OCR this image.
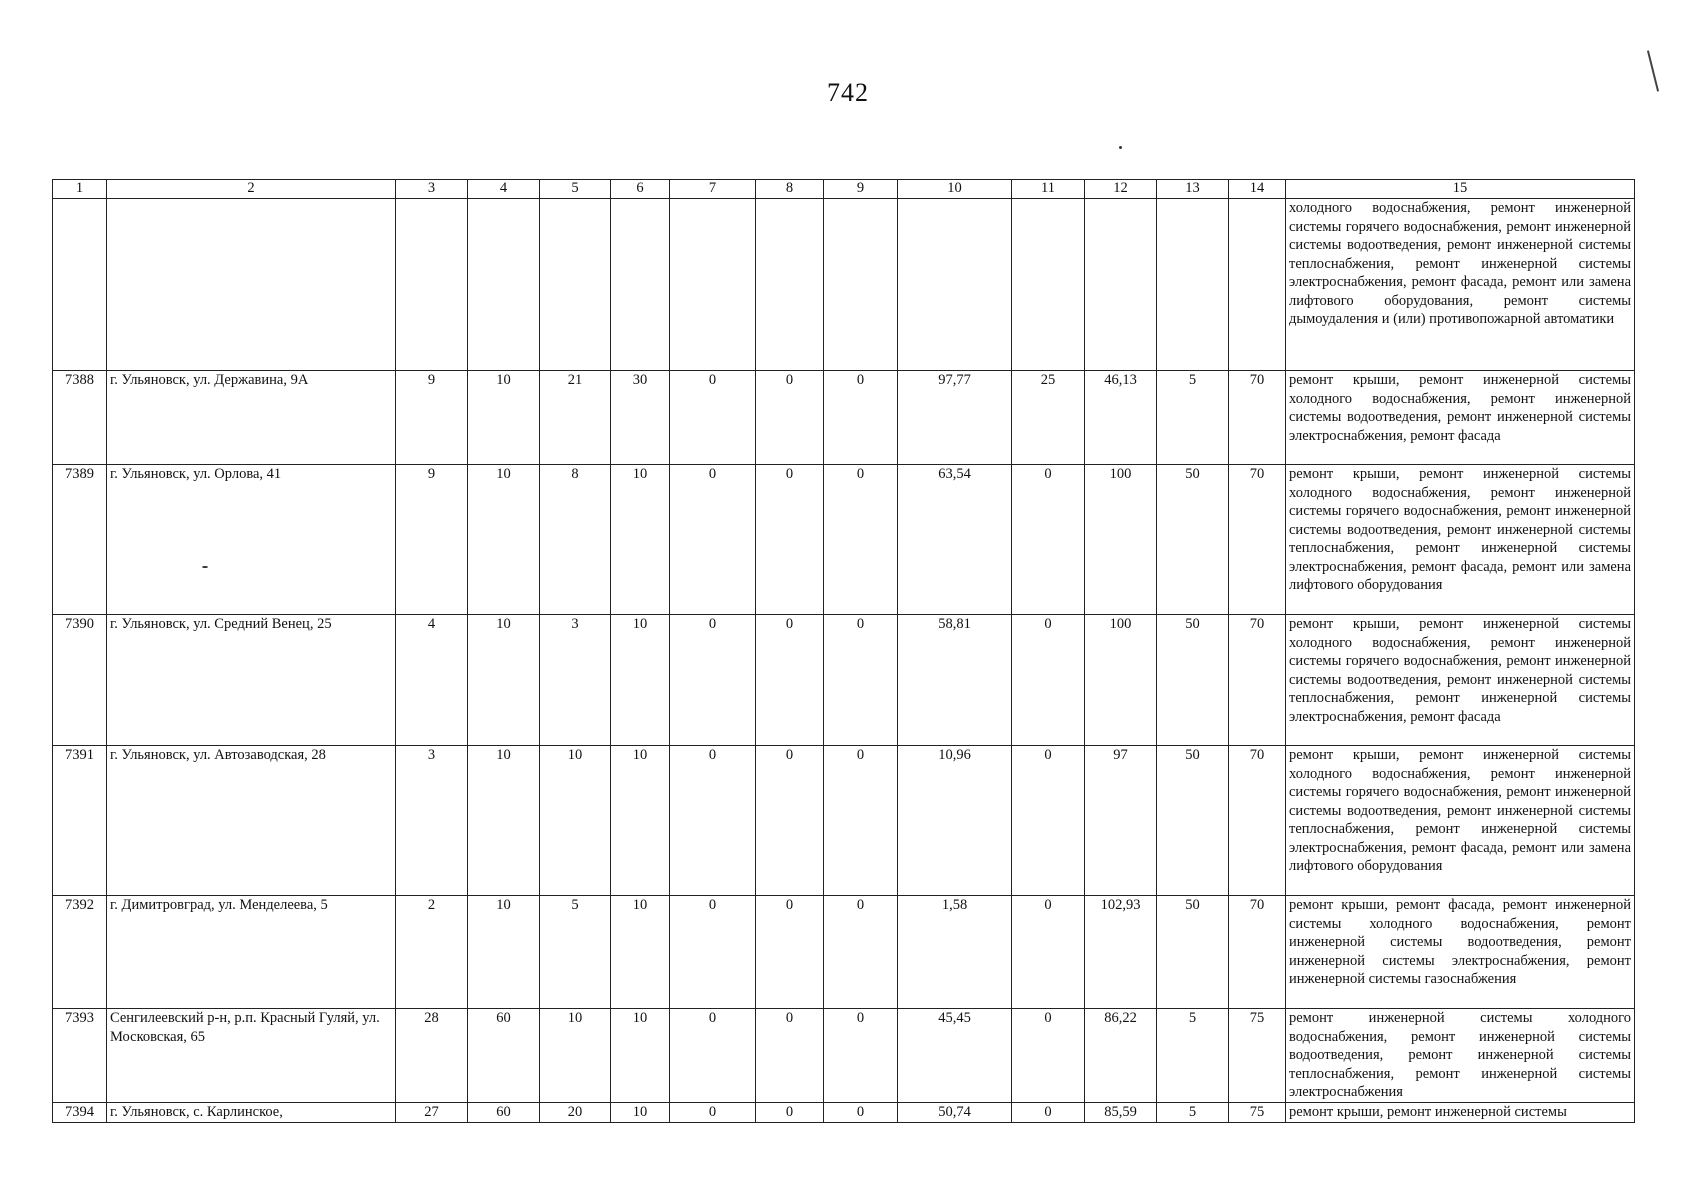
742
1	2	3	4	5	6	7	8	9	10	11	12	13	14	15
														холодного водоснабжения, ремонт инженерной системы горячего водоснабжения, ремонт инженерной системы водоотведения, ремонт инженерной системы теплоснабжения, ремонт инженерной системы электроснабжения, ремонт фасада, ремонт или замена лифтового оборудования, ремонт системы дымоудаления и (или) противопожарной автоматики
7388	г. Ульяновск, ул. Державина, 9А	9	10	21	30	0	0	0	97,77	25	46,13	5	70	ремонт крыши, ремонт инженерной системы холодного водоснабжения, ремонт инженерной системы водоотведения, ремонт инженерной системы электроснабжения, ремонт фасада
7389	г. Ульяновск, ул. Орлова, 41	9	10	8	10	0	0	0	63,54	0	100	50	70	ремонт крыши, ремонт инженерной системы холодного водоснабжения, ремонт инженерной системы горячего водоснабжения, ремонт инженерной системы водоотведения, ремонт инженерной системы теплоснабжения, ремонт инженерной системы электроснабжения, ремонт фасада, ремонт или замена лифтового оборудования
7390	г. Ульяновск, ул. Средний Венец, 25	4	10	3	10	0	0	0	58,81	0	100	50	70	ремонт крыши, ремонт инженерной системы холодного водоснабжения, ремонт инженерной системы горячего водоснабжения, ремонт инженерной системы водоотведения, ремонт инженерной системы теплоснабжения, ремонт инженерной системы электроснабжения, ремонт фасада
7391	г. Ульяновск, ул. Автозаводская, 28	3	10	10	10	0	0	0	10,96	0	97	50	70	ремонт крыши, ремонт инженерной системы холодного водоснабжения, ремонт инженерной системы горячего водоснабжения, ремонт инженерной системы водоотведения, ремонт инженерной системы теплоснабжения, ремонт инженерной системы электроснабжения, ремонт фасада, ремонт или замена лифтового оборудования
7392	г. Димитровград, ул. Менделеева, 5	2	10	5	10	0	0	0	1,58	0	102,93	50	70	ремонт крыши, ремонт фасада, ремонт инженерной системы холодного водоснабжения, ремонт инженерной системы водоотведения, ремонт инженерной системы электроснабжения, ремонт инженерной системы газоснабжения
7393	Сенгилеевский р-н, р.п. Красный Гуляй, ул. Московская, 65	28	60	10	10	0	0	0	45,45	0	86,22	5	75	ремонт инженерной системы холодного водоснабжения, ремонт инженерной системы водоотведения, ремонт инженерной системы теплоснабжения, ремонт инженерной системы электроснабжения
7394	г. Ульяновск, с. Карлинское,	27	60	20	10	0	0	0	50,74	0	85,59	5	75	ремонт крыши, ремонт инженерной системы
